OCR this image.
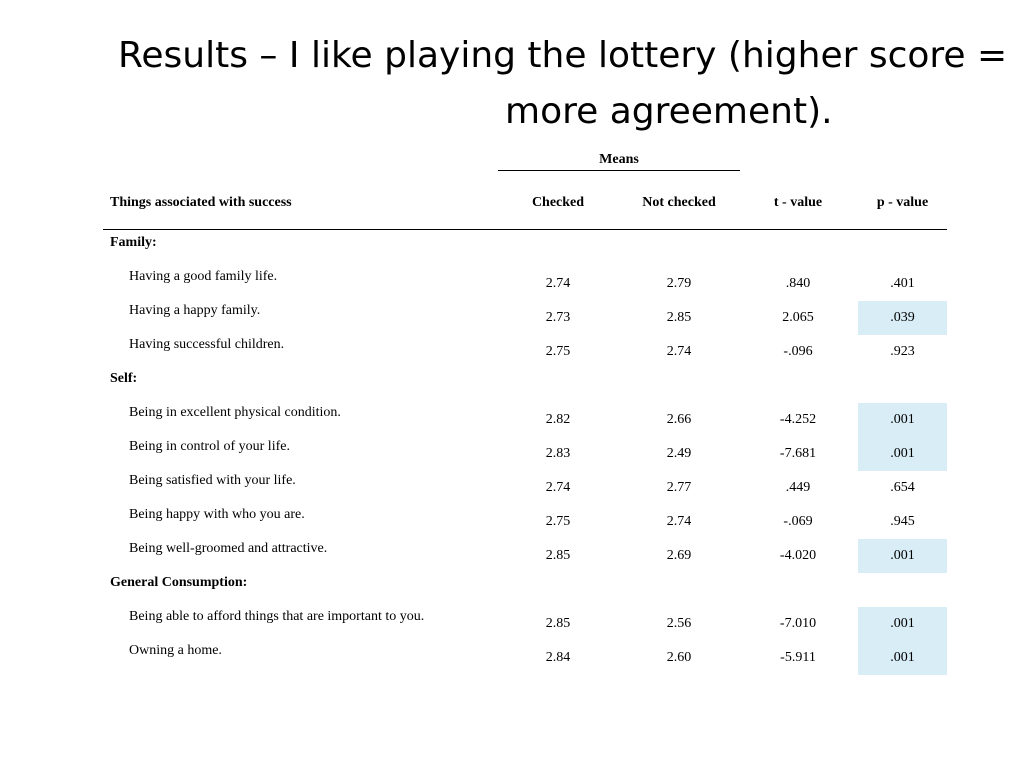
Results – I like playing the lottery (higher score =
more agreement).
Means
Things associated with success	Checked	Not checked	t - value	p - value
Family:
Having a good family life.	2.74	2.79	.840	.401
Having a happy family.	2.73	2.85	2.065	.039
Having successful children.	2.75	2.74	-.096	.923
Self:
Being in excellent physical condition.	2.82	2.66	-4.252	.001
Being in control of your life.	2.83	2.49	-7.681	.001
Being satisfied with your life.	2.74	2.77	.449	.654
Being happy with who you are.	2.75	2.74	-.069	.945
Being well-groomed and attractive.	2.85	2.69	-4.020	.001
General Consumption:
Being able to afford things that are important to you.	2.85	2.56	-7.010	.001
Owning a home.	2.84	2.60	-5.911	.001
